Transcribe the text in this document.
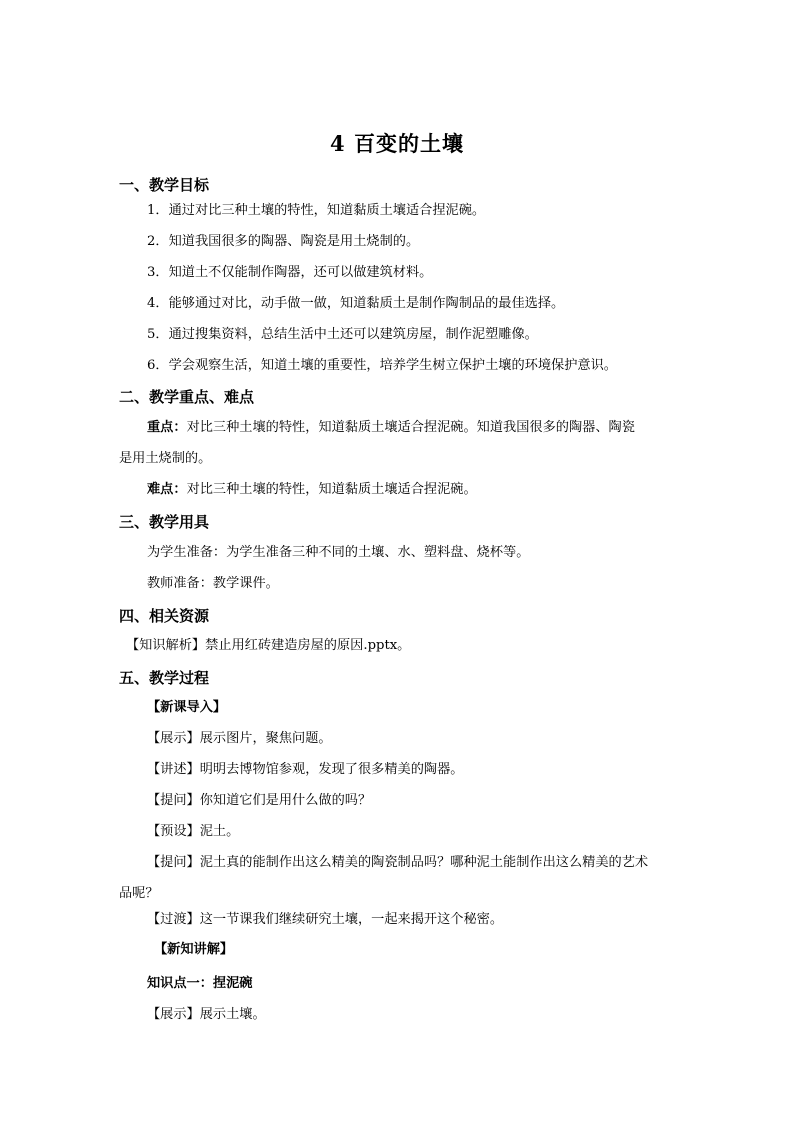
4 百变的土壤
一、教学目标
1．通过对比三种土壤的特性，知道黏质土壤适合捏泥碗。
2．知道我国很多的陶器、陶瓷是用土烧制的。
3．知道土不仅能制作陶器，还可以做建筑材料。
4．能够通过对比，动手做一做，知道黏质土是制作陶制品的最佳选择。
5．通过搜集资料，总结生活中土还可以建筑房屋，制作泥塑雕像。
6．学会观察生活，知道土壤的重要性，培养学生树立保护土壤的环境保护意识。
二、教学重点、难点
重点：对比三种土壤的特性，知道黏质土壤适合捏泥碗。知道我国很多的陶器、陶瓷
是用土烧制的。
难点：对比三种土壤的特性，知道黏质土壤适合捏泥碗。
三、教学用具
为学生准备：为学生准备三种不同的土壤、水、塑料盘、烧杯等。
教师准备：教学课件。
四、相关资源
【知识解析】禁止用红砖建造房屋的原因.pptx。
五、教学过程
【新课导入】
【展示】展示图片，聚焦问题。
【讲述】明明去博物馆参观，发现了很多精美的陶器。
【提问】你知道它们是用什么做的吗？
【预设】泥土。
【提问】泥土真的能制作出这么精美的陶瓷制品吗？哪种泥土能制作出这么精美的艺术
品呢？
【过渡】这一节课我们继续研究土壤，一起来揭开这个秘密。
【新知讲解】
知识点一：捏泥碗
【展示】展示土壤。
